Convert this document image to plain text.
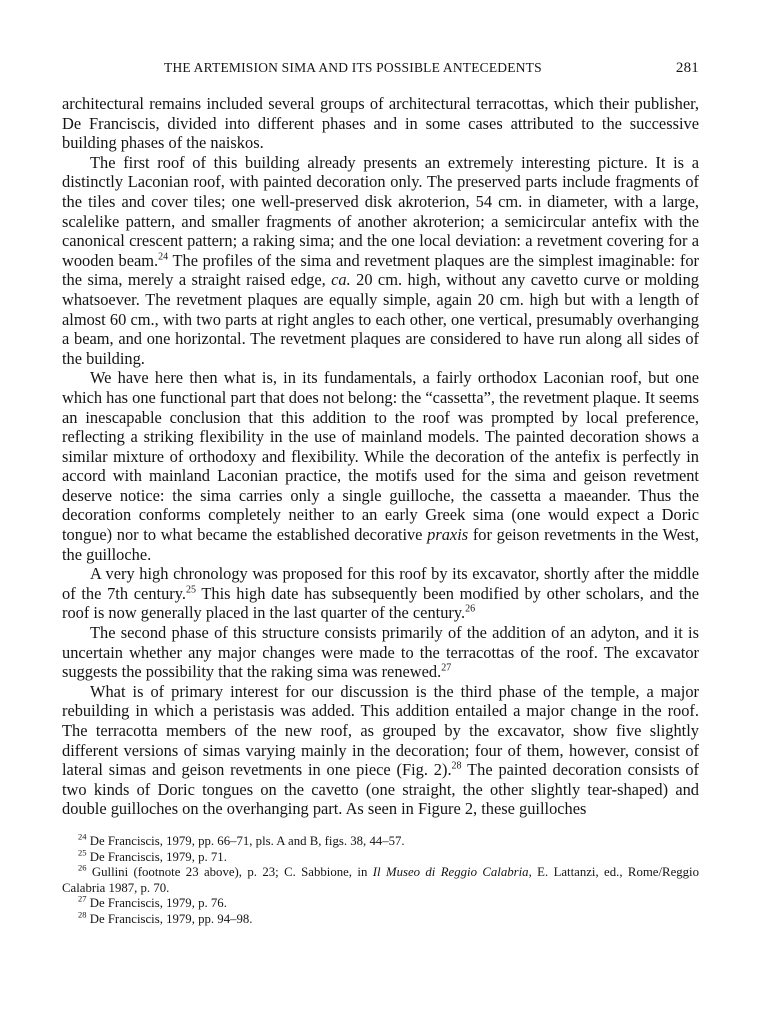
THE ARTEMISION SIMA AND ITS POSSIBLE ANTECEDENTS	281

architectural remains included several groups of architectural terracottas, which their publisher, De Franciscis, divided into different phases and in some cases attributed to the successive building phases of the naiskos.

The first roof of this building already presents an extremely interesting picture. It is a distinctly Laconian roof, with painted decoration only. The preserved parts include fragments of the tiles and cover tiles; one well-preserved disk akroterion, 54 cm. in diameter, with a large, scalelike pattern, and smaller fragments of another akroterion; a semicircular antefix with the canonical crescent pattern; a raking sima; and the one local deviation: a revetment covering for a wooden beam.$^{24}$ The profiles of the sima and revetment plaques are the simplest imaginable: for the sima, merely a straight raised edge, ca. 20 cm. high, without any cavetto curve or molding whatsoever. The revetment plaques are equally simple, again 20 cm. high but with a length of almost 60 cm., with two parts at right angles to each other, one vertical, presumably overhanging a beam, and one horizontal. The revetment plaques are considered to have run along all sides of the building.

We have here then what is, in its fundamentals, a fairly orthodox Laconian roof, but one which has one functional part that does not belong: the “cassetta”, the revetment plaque. It seems an inescapable conclusion that this addition to the roof was prompted by local preference, reflecting a striking flexibility in the use of mainland models. The painted decoration shows a similar mixture of orthodoxy and flexibility. While the decoration of the antefix is perfectly in accord with mainland Laconian practice, the motifs used for the sima and geison revetment deserve notice: the sima carries only a single guilloche, the cassetta a maeander. Thus the decoration conforms completely neither to an early Greek sima (one would expect a Doric tongue) nor to what became the established decorative praxis for geison revetments in the West, the guilloche.

A very high chronology was proposed for this roof by its excavator, shortly after the middle of the 7th century.$^{25}$ This high date has subsequently been modified by other scholars, and the roof is now generally placed in the last quarter of the century.$^{26}$

The second phase of this structure consists primarily of the addition of an adyton, and it is uncertain whether any major changes were made to the terracottas of the roof. The excavator suggests the possibility that the raking sima was renewed.$^{27}$

What is of primary interest for our discussion is the third phase of the temple, a major rebuilding in which a peristasis was added. This addition entailed a major change in the roof. The terracotta members of the new roof, as grouped by the excavator, show five slightly different versions of simas varying mainly in the decoration; four of them, however, consist of lateral simas and geison revetments in one piece (Fig. 2).$^{28}$ The painted decoration consists of two kinds of Doric tongues on the cavetto (one straight, the other slightly tear-shaped) and double guilloches on the overhanging part. As seen in Figure 2, these guilloches

$^{24}$ De Franciscis, 1979, pp. 66–71, pls. A and B, figs. 38, 44–57.

$^{25}$ De Franciscis, 1979, p. 71.

$^{26}$ Gullini (footnote 23 above), p. 23; C. Sabbione, in Il Museo di Reggio Calabria, E. Lattanzi, ed., Rome/Reggio Calabria 1987, p. 70.

$^{27}$ De Franciscis, 1979, p. 76.

$^{28}$ De Franciscis, 1979, pp. 94–98.
